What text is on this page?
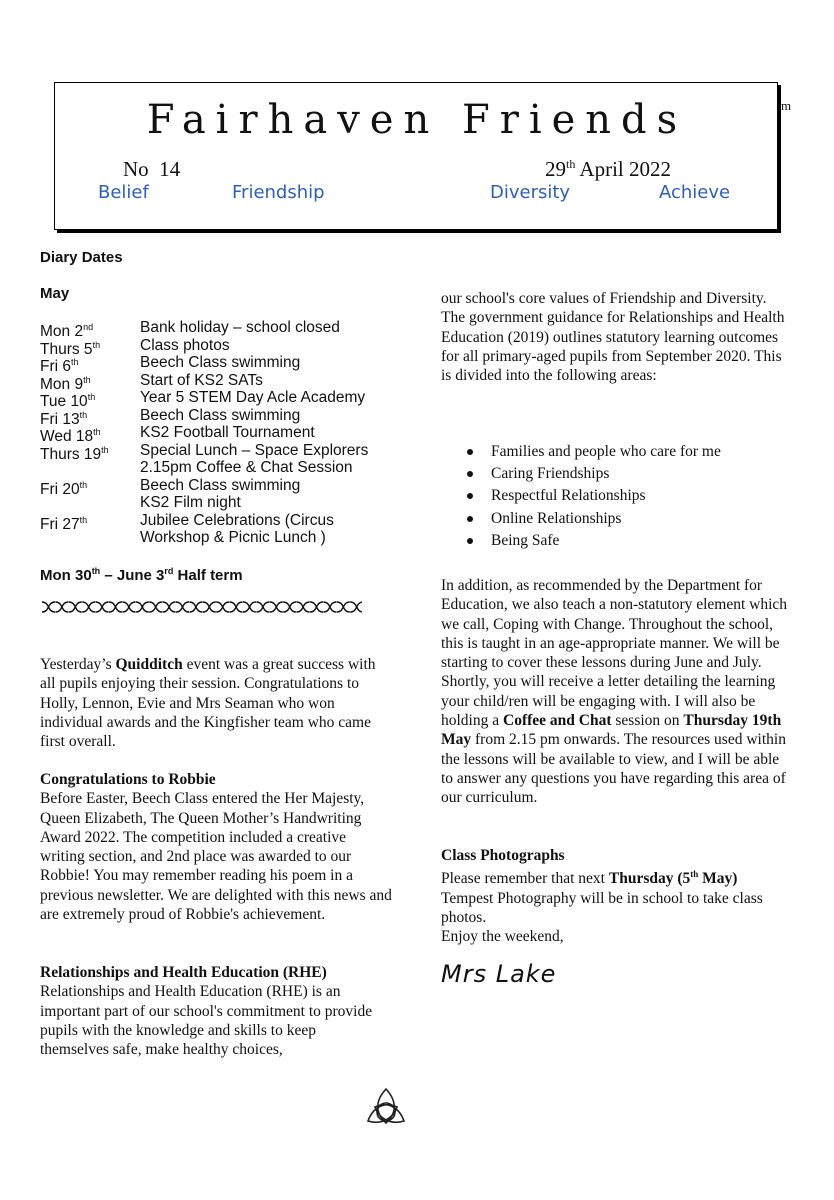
Fairhaven Friends
No  14	29th April 2022
Belief	Friendship	Diversity	Achieve
m
Diary Dates
May
Mon 2nd	Bank holiday – school closed
Thurs 5th	Class photos
Fri 6th	Beech Class swimming
Mon 9th	Start of KS2 SATs
Tue 10th	Year 5 STEM Day Acle Academy
Fri 13th	Beech Class swimming
Wed 18th	KS2 Football Tournament
Thurs 19th	Special Lunch – Space Explorers
2.15pm Coffee & Chat Session
Fri 20th	Beech Class swimming
KS2 Film night
Fri 27th	Jubilee Celebrations (Circus
Workshop & Picnic Lunch )
Mon 30th – June 3rd Half term
Yesterday’s Quidditch event was a great success with all pupils enjoying their session. Congratulations to Holly, Lennon, Evie and Mrs Seaman who won individual awards and the Kingfisher team who came first overall.
Congratulations to Robbie
Before Easter, Beech Class entered the Her Majesty, Queen Elizabeth, The Queen Mother’s Handwriting Award 2022. The competition included a creative writing section, and 2nd place was awarded to our Robbie! You may remember reading his poem in a previous newsletter. We are delighted with this news and are extremely proud of Robbie's achievement.
Relationships and Health Education (RHE)
Relationships and Health Education (RHE) is an important part of our school's commitment to provide pupils with the knowledge and skills to keep themselves safe, make healthy choices,
our school's core values of Friendship and Diversity.
The government guidance for Relationships and Health Education (2019) outlines statutory learning outcomes for all primary-aged pupils from September 2020. This is divided into the following areas:
Families and people who care for me
Caring Friendships
Respectful Relationships
Online Relationships
Being Safe
In addition, as recommended by the Department for Education, we also teach a non-statutory element which we call, Coping with Change. Throughout the school, this is taught in an age-appropriate manner. We will be starting to cover these lessons during June and July. Shortly, you will receive a letter detailing the learning your child/ren will be engaging with. I will also be holding a Coffee and Chat session on Thursday 19th May from 2.15 pm onwards. The resources used within the lessons will be available to view, and I will be able to answer any questions you have regarding this area of our curriculum.
Class Photographs
Please remember that next Thursday (5th May) Tempest Photography will be in school to take class photos.
Enjoy the weekend,
Mrs Lake
